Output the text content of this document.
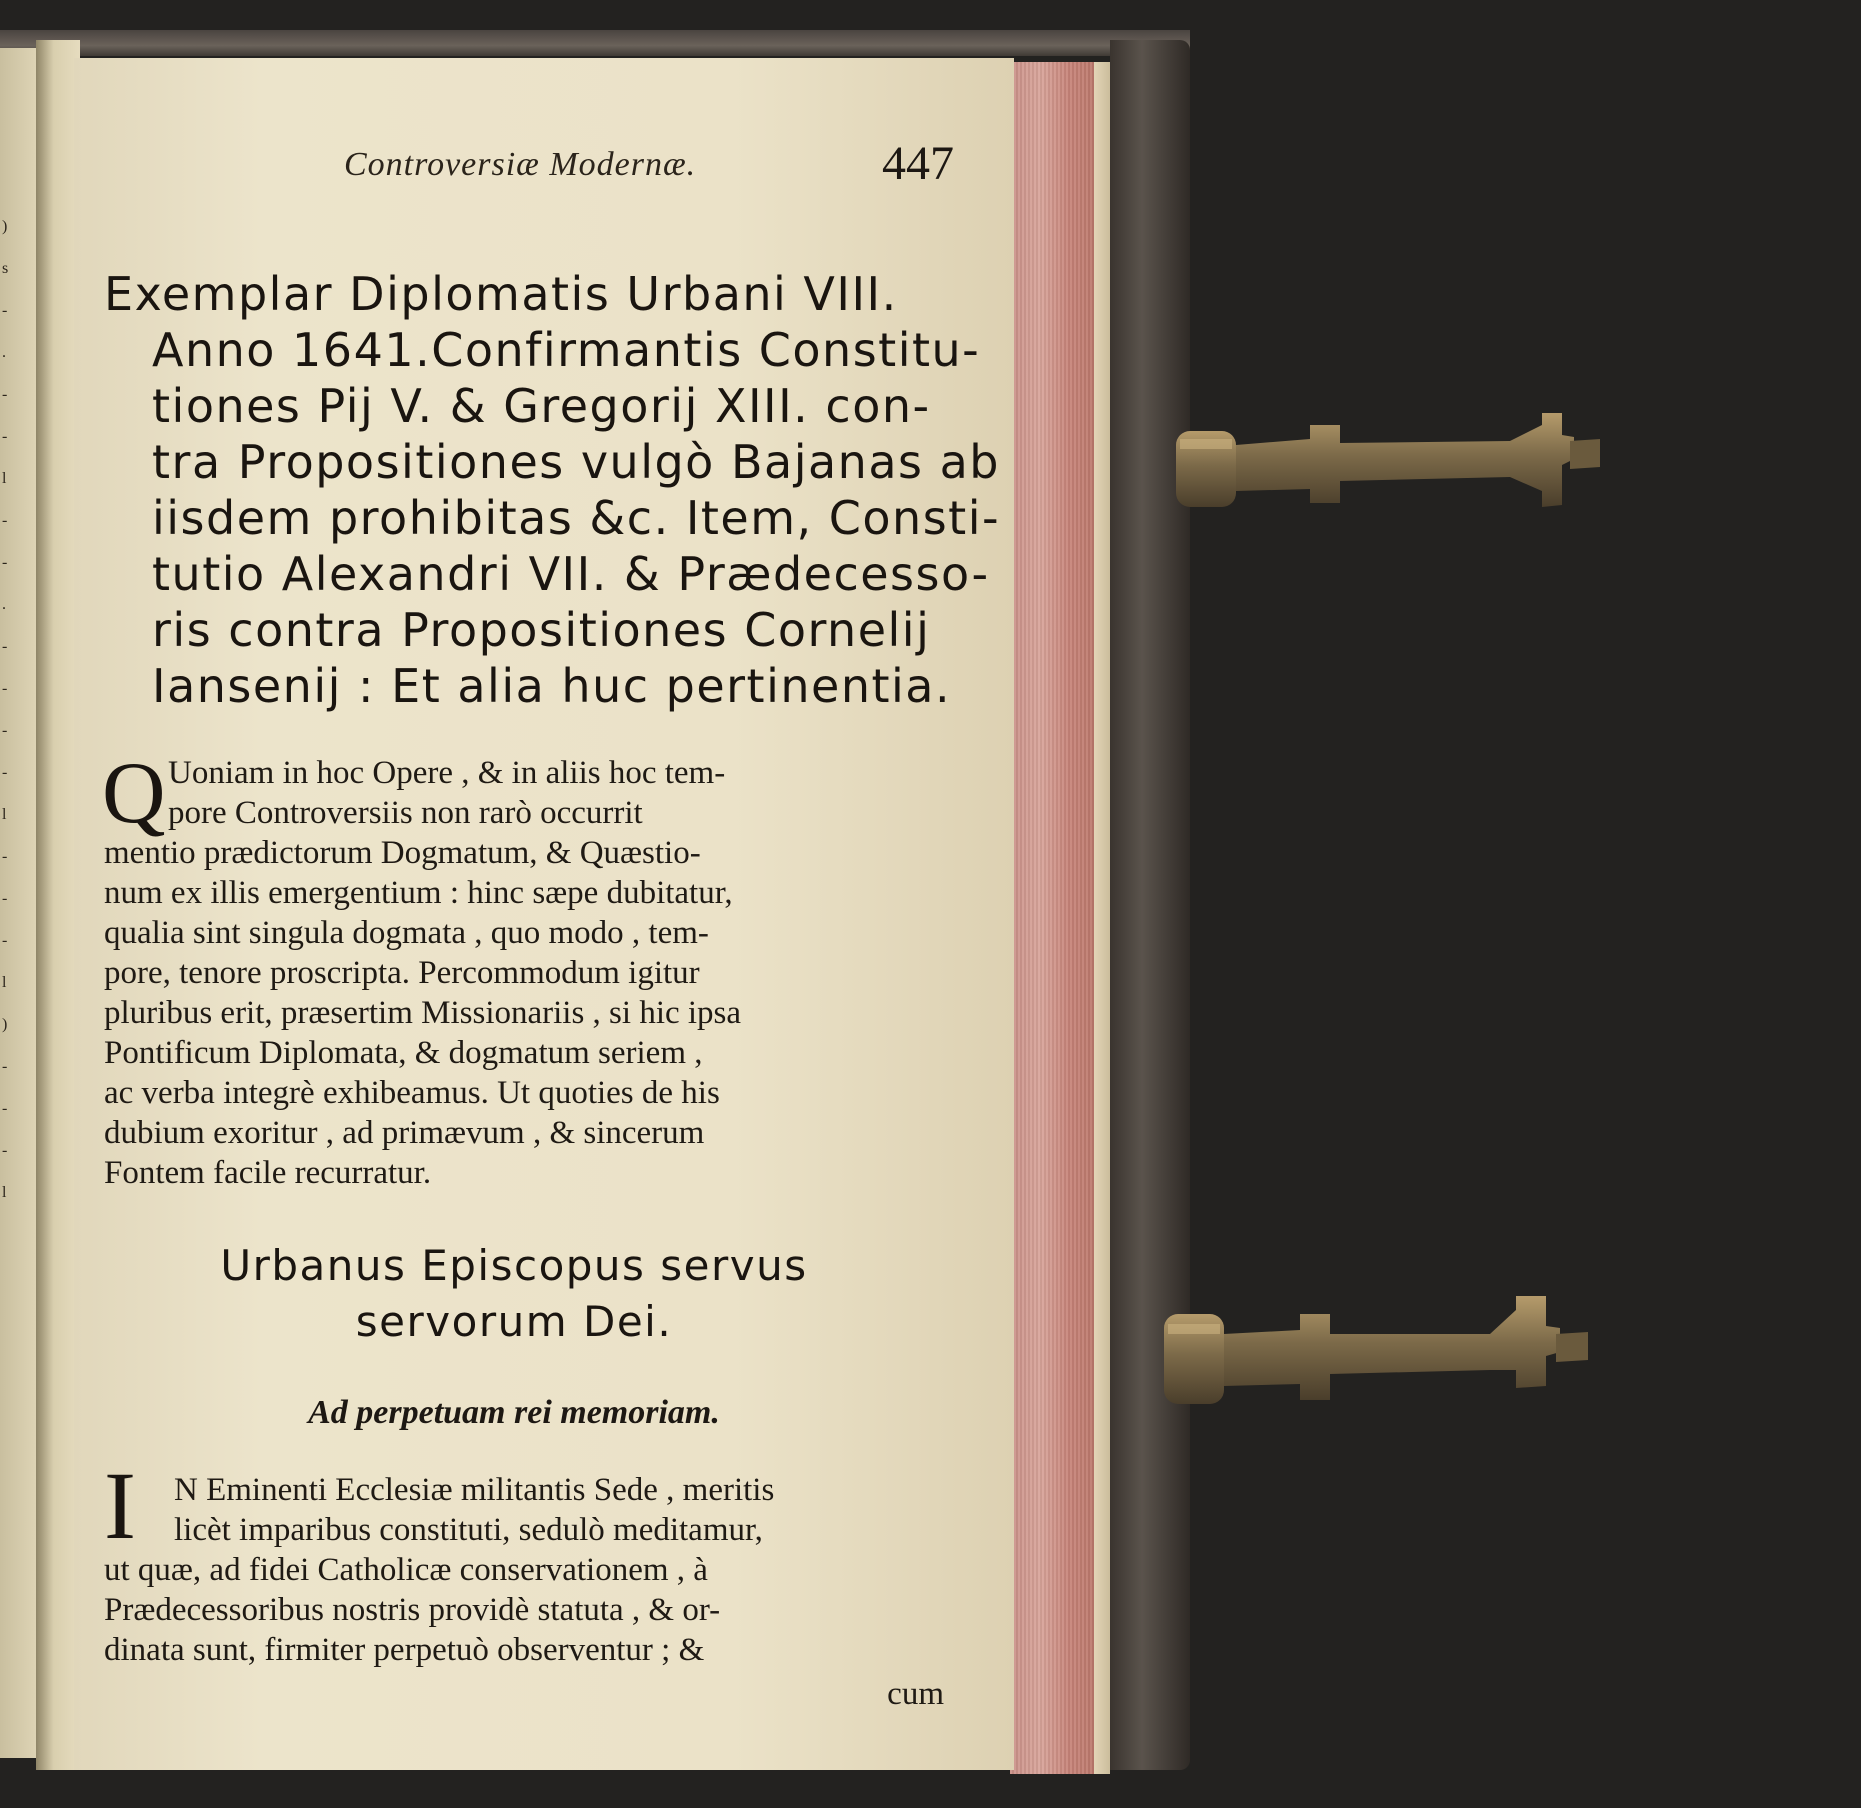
)
s
-
.
-
-
l
-
-
.
-
-
-
-
l
-
-
-
l
)
-
-
-
l
Controversiæ Modernæ.	447
Exemplar Diplomatis Urbani VIII.
Anno 1641.Confirmantis Constitu-
tiones Pij V. & Gregorij XIII. con-
tra Propositiones vulgò Bajanas ab
iisdem prohibitas &c. Item, Consti-
tutio Alexandri VII. & Prædecesso-
ris contra Propositiones Cornelij
Iansenij : Et alia huc pertinentia.
Q Uoniam in hoc Opere , & in aliis hoc tem-
pore Controversiis non rarò occurrit
mentio prædictorum Dogmatum, & Quæstio-
num ex illis emergentium : hinc sæpe dubitatur,
qualia sint singula dogmata , quo modo , tem-
pore, tenore proscripta. Percommodum igitur
pluribus erit, præsertim Missionariis , si hic ipsa
Pontificum Diplomata, & dogmatum seriem ,
ac verba integrè exhibeamus. Ut quoties de his
dubium exoritur , ad primævum , & sincerum
Fontem facile recurratur.
Urbanus Episcopus servus
servorum Dei.
Ad perpetuam rei memoriam.
I	N Eminenti Ecclesiæ militantis Sede , meritis
licèt imparibus constituti, sedulò meditamur,
ut quæ, ad fidei Catholicæ conservationem , à
Prædecessoribus nostris providè statuta , & or-
dinata sunt, firmiter perpetuò observentur ; &
cum
